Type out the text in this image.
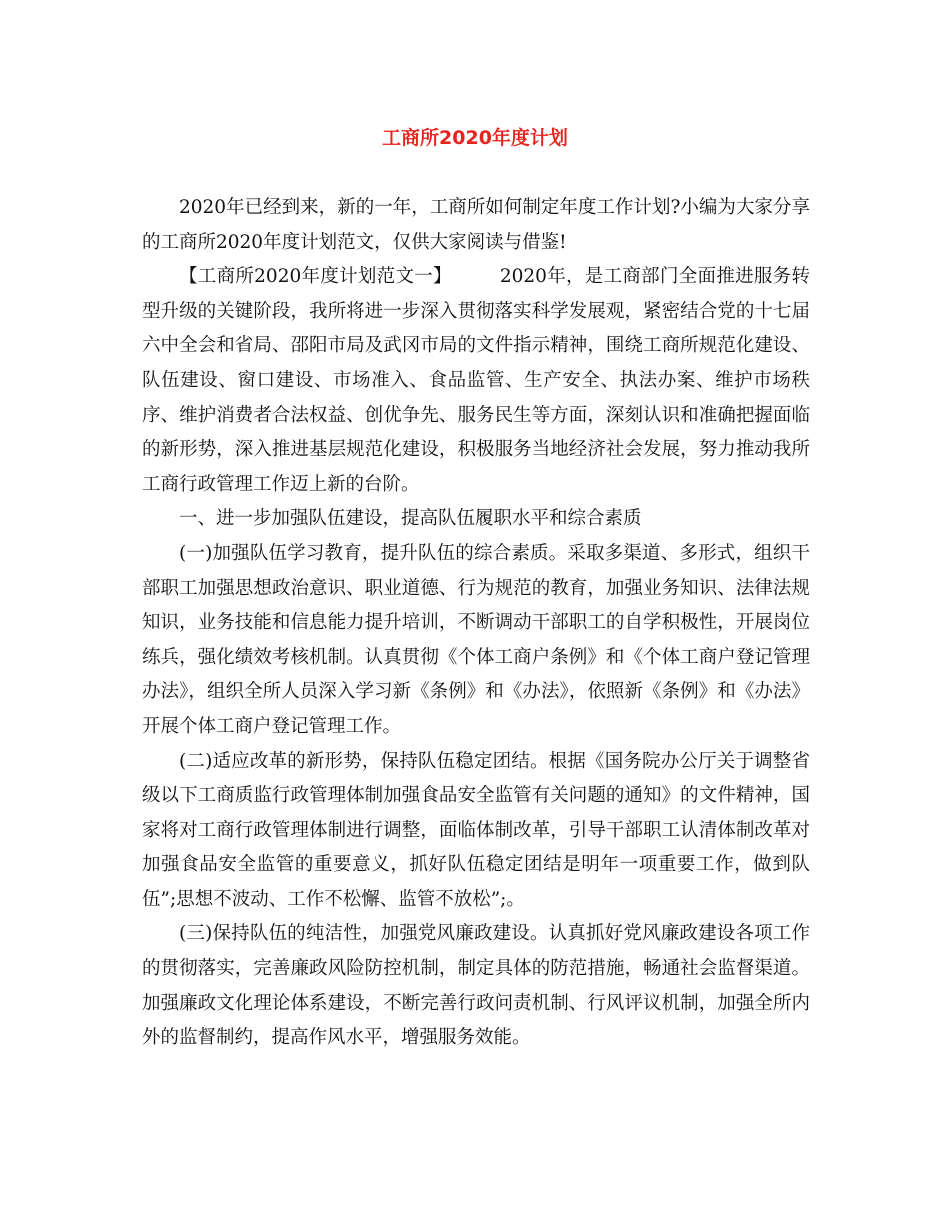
工商所2020年度计划

2020年已经到来，新的一年，工商所如何制定年度工作计划?小编为大家分享的工商所2020年度计划范文，仅供大家阅读与借鉴!

【工商所2020年度计划范文一】	2020年，是工商部门全面推进服务转型升级的关键阶段，我所将进一步深入贯彻落实科学发展观，紧密结合党的十七届六中全会和省局、邵阳市局及武冈市局的文件指示精神，围绕工商所规范化建设、队伍建设、窗口建设、市场准入、食品监管、生产安全、执法办案、维护市场秩序、维护消费者合法权益、创优争先、服务民生等方面，深刻认识和准确把握面临的新形势，深入推进基层规范化建设，积极服务当地经济社会发展，努力推动我所工商行政管理工作迈上新的台阶。

一、进一步加强队伍建设，提高队伍履职水平和综合素质

(一)加强队伍学习教育，提升队伍的综合素质。采取多渠道、多形式，组织干部职工加强思想政治意识、职业道德、行为规范的教育，加强业务知识、法律法规知识，业务技能和信息能力提升培训，不断调动干部职工的自学积极性，开展岗位练兵，强化绩效考核机制。认真贯彻《个体工商户条例》和《个体工商户登记管理办法》，组织全所人员深入学习新《条例》和《办法》，依照新《条例》和《办法》开展个体工商户登记管理工作。

(二)适应改革的新形势，保持队伍稳定团结。根据《国务院办公厅关于调整省级以下工商质监行政管理体制加强食品安全监管有关问题的通知》的文件精神，国家将对工商行政管理体制进行调整，面临体制改革，引导干部职工认清体制改革对加强食品安全监管的重要意义，抓好队伍稳定团结是明年一项重要工作，做到队伍”;思想不波动、工作不松懈、监管不放松”;。

(三)保持队伍的纯洁性，加强党风廉政建设。认真抓好党风廉政建设各项工作的贯彻落实，完善廉政风险防控机制，制定具体的防范措施，畅通社会监督渠道。加强廉政文化理论体系建设，不断完善行政问责机制、行风评议机制，加强全所内外的监督制约，提高作风水平，增强服务效能。
